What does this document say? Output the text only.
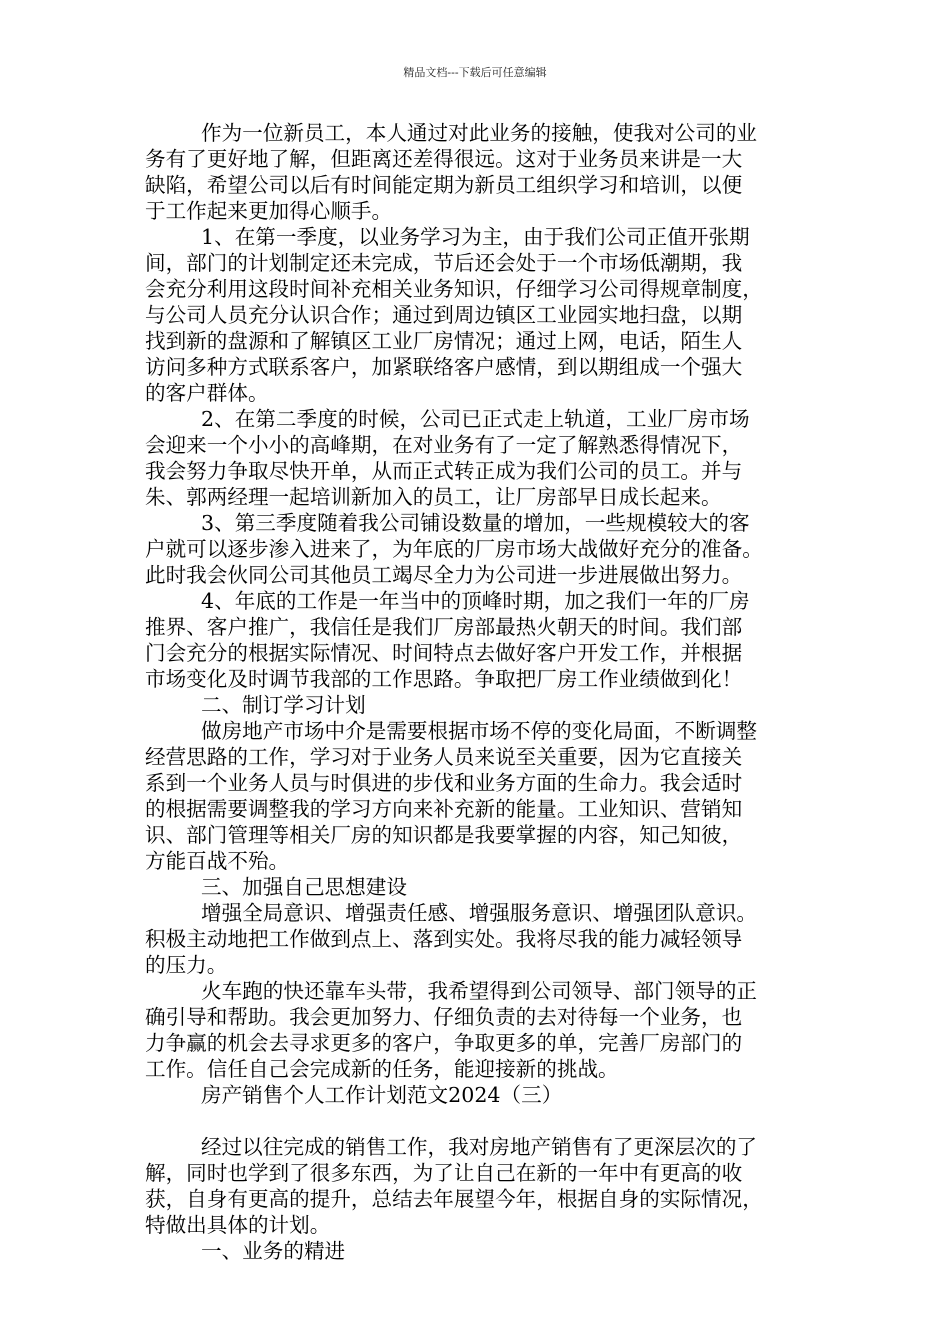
精品文档---下载后可任意编辑
作为一位新员工，本人通过对此业务的接触，使我对公司的业
务有了更好地了解，但距离还差得很远。这对于业务员来讲是一大
缺陷，希望公司以后有时间能定期为新员工组织学习和培训，以便
于工作起来更加得心顺手。
1、在第一季度，以业务学习为主，由于我们公司正值开张期
间，部门的计划制定还未完成，节后还会处于一个市场低潮期，我
会充分利用这段时间补充相关业务知识，仔细学习公司得规章制度，
与公司人员充分认识合作；通过到周边镇区工业园实地扫盘，以期
找到新的盘源和了解镇区工业厂房情况；通过上网，电话，陌生人
访问多种方式联系客户，加紧联络客户感情，到以期组成一个强大
的客户群体。
2、在第二季度的时候，公司已正式走上轨道，工业厂房市场
会迎来一个小小的高峰期，在对业务有了一定了解熟悉得情况下，
我会努力争取尽快开单，从而正式转正成为我们公司的员工。并与
朱、郭两经理一起培训新加入的员工，让厂房部早日成长起来。
3、第三季度随着我公司铺设数量的增加，一些规模较大的客
户就可以逐步渗入进来了，为年底的厂房市场大战做好充分的准备。
此时我会伙同公司其他员工竭尽全力为公司进一步进展做出努力。
4、年底的工作是一年当中的顶峰时期，加之我们一年的厂房
推界、客户推广，我信任是我们厂房部最热火朝天的时间。我们部
门会充分的根据实际情况、时间特点去做好客户开发工作，并根据
市场变化及时调节我部的工作思路。争取把厂房工作业绩做到化！
二、制订学习计划
做房地产市场中介是需要根据市场不停的变化局面，不断调整
经营思路的工作，学习对于业务人员来说至关重要，因为它直接关
系到一个业务人员与时俱进的步伐和业务方面的生命力。我会适时
的根据需要调整我的学习方向来补充新的能量。工业知识、营销知
识、部门管理等相关厂房的知识都是我要掌握的内容，知己知彼，
方能百战不殆。
三、加强自己思想建设
增强全局意识、增强责任感、增强服务意识、增强团队意识。
积极主动地把工作做到点上、落到实处。我将尽我的能力减轻领导
的压力。
火车跑的快还靠车头带，我希望得到公司领导、部门领导的正
确引导和帮助。我会更加努力、仔细负责的去对待每一个业务，也
力争赢的机会去寻求更多的客户，争取更多的单，完善厂房部门的
工作。信任自己会完成新的任务，能迎接新的挑战。
房产销售个人工作计划范文2024（三）
经过以往完成的销售工作，我对房地产销售有了更深层次的了
解，同时也学到了很多东西，为了让自己在新的一年中有更高的收
获，自身有更高的提升，总结去年展望今年，根据自身的实际情况，
特做出具体的计划。
一、业务的精进
